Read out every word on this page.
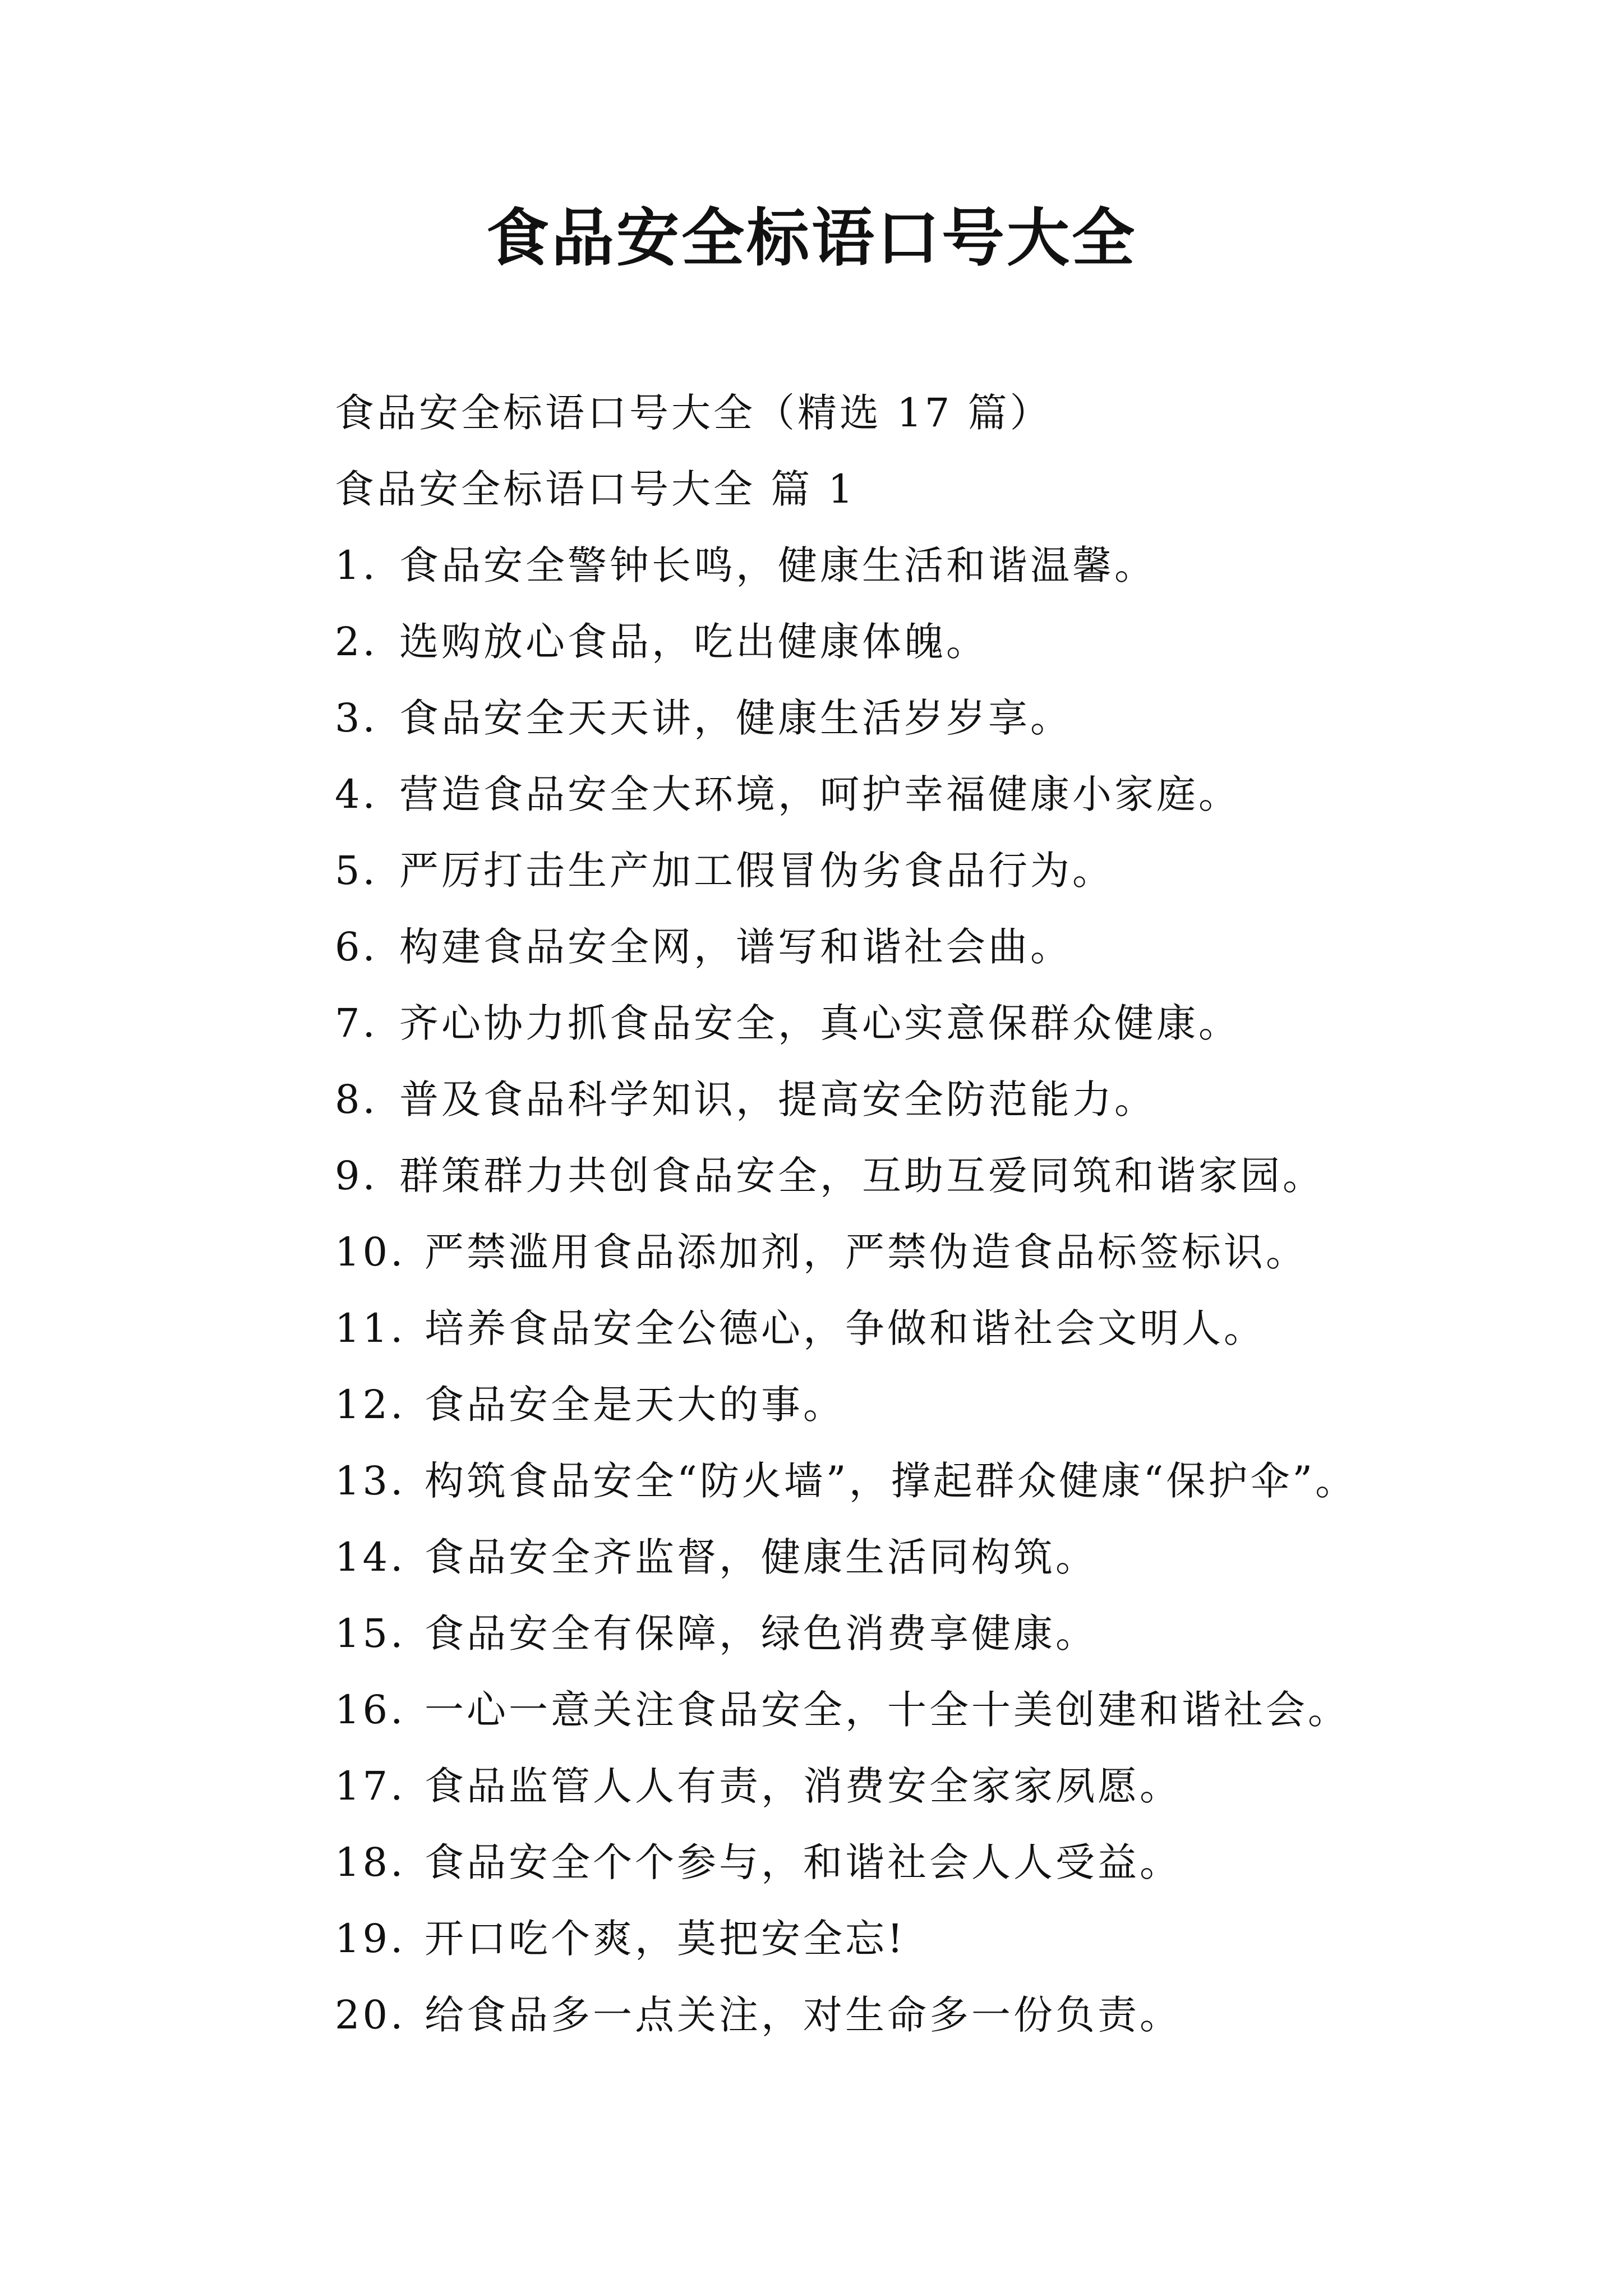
食品安全标语口号大全
食品安全标语口号大全（精选 17 篇）
食品安全标语口号大全 篇 1
1. 食品安全警钟长鸣，健康生活和谐温馨。
2. 选购放心食品，吃出健康体魄。
3. 食品安全天天讲，健康生活岁岁享。
4. 营造食品安全大环境，呵护幸福健康小家庭。
5. 严厉打击生产加工假冒伪劣食品行为。
6. 构建食品安全网，谱写和谐社会曲。
7. 齐心协力抓食品安全，真心实意保群众健康。
8. 普及食品科学知识，提高安全防范能力。
9. 群策群力共创食品安全，互助互爱同筑和谐家园。
10. 严禁滥用食品添加剂，严禁伪造食品标签标识。
11. 培养食品安全公德心，争做和谐社会文明人。
12. 食品安全是天大的事。
13. 构筑食品安全“防火墙”，撑起群众健康“保护伞”。
14. 食品安全齐监督，健康生活同构筑。
15. 食品安全有保障，绿色消费享健康。
16. 一心一意关注食品安全，十全十美创建和谐社会。
17. 食品监管人人有责，消费安全家家夙愿。
18. 食品安全个个参与，和谐社会人人受益。
19. 开口吃个爽，莫把安全忘!
20. 给食品多一点关注，对生命多一份负责。
